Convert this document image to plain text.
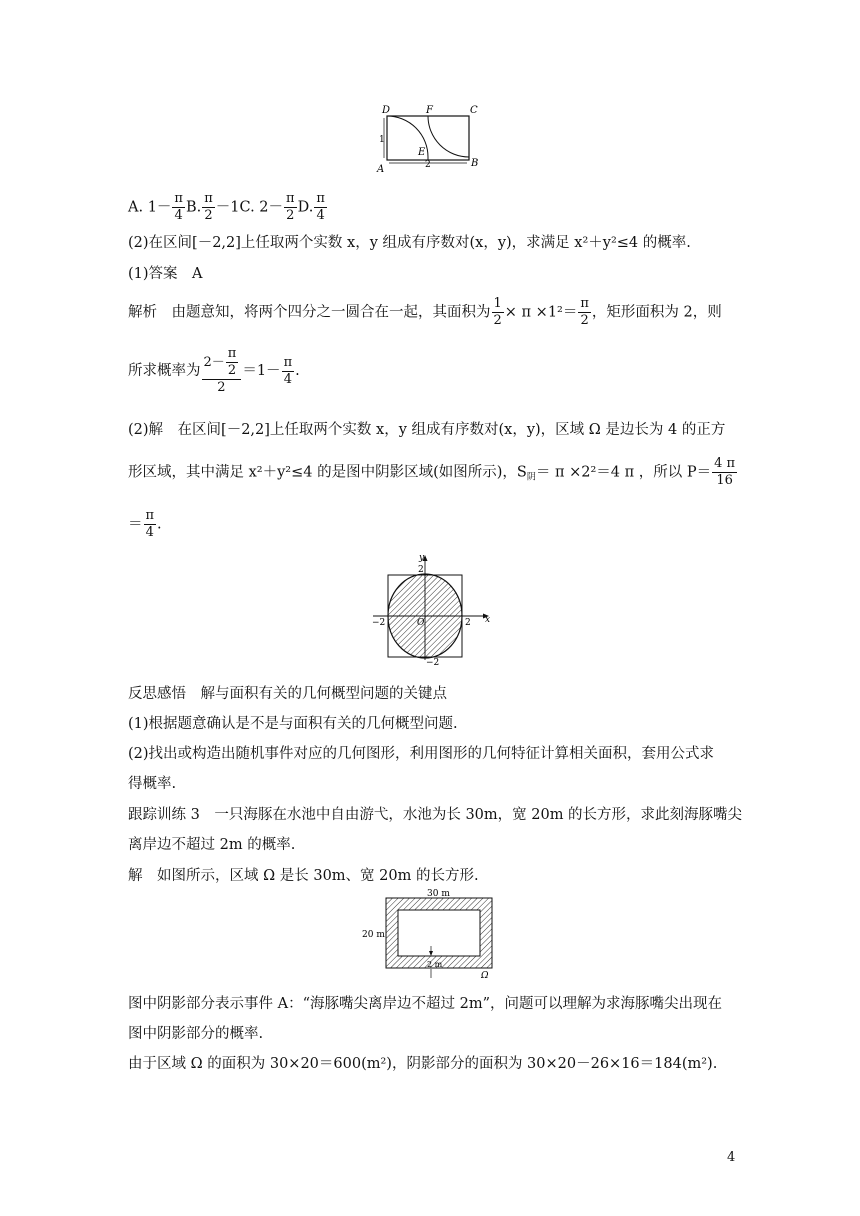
D	F	C
A
B
E
1
2
A. $1- \frac{\pi}{4} B$. $\frac{\pi}{2} -1C$. $2- \frac{\pi}{2} D$. $\frac{\pi}{4}$
(2)在区间[－2,2]上任取两个实数 x，y 组成有序数对(x，y)，求满足 x²＋y²≤4 的概率.
(1)答案　A
解析　由题意知，将两个四分之一圆合在一起，其面积为 $\frac{1}{2} \times \pi \times 1^2= \frac{\pi}{2}$ ，矩形面积为 2，则
所求概率为 $\frac{2- \frac{\pi}{2}}{2} =1- \frac{\pi}{4}$ .
(2)解　在区间[－2,2]上任取两个实数 x，y 组成有序数对(x，y)，区域 Ω 是边长为 4 的正方
形区域，其中满足 x²＋y²≤4 的是图中阴影区域(如图所示)，$S_阴= \pi \times 2^2=4$ π ，所以 $P= \frac{4 \pi}{16}$
＝ $\frac{\pi}{4}$ .
y
x
2
−2	O	2
−2
反思感悟　解与面积有关的几何概型问题的关键点
(1)根据题意确认是不是与面积有关的几何概型问题.
(2)找出或构造出随机事件对应的几何图形，利用图形的几何特征计算相关面积，套用公式求
得概率.
跟踪训练 3　一只海豚在水池中自由游弋，水池为长 30m，宽 20m 的长方形，求此刻海豚嘴尖
离岸边不超过 2m 的概率.
解　如图所示，区域 Ω 是长 30m、宽 20m 的长方形.
30 m
20 m
2 m
Ω
图中阴影部分表示事件 A：“海豚嘴尖离岸边不超过 2m”，问题可以理解为求海豚嘴尖出现在
图中阴影部分的概率.
由于区域 Ω 的面积为 30×20＝600(m²)，阴影部分的面积为 30×20－26×16＝184(m²).
4
